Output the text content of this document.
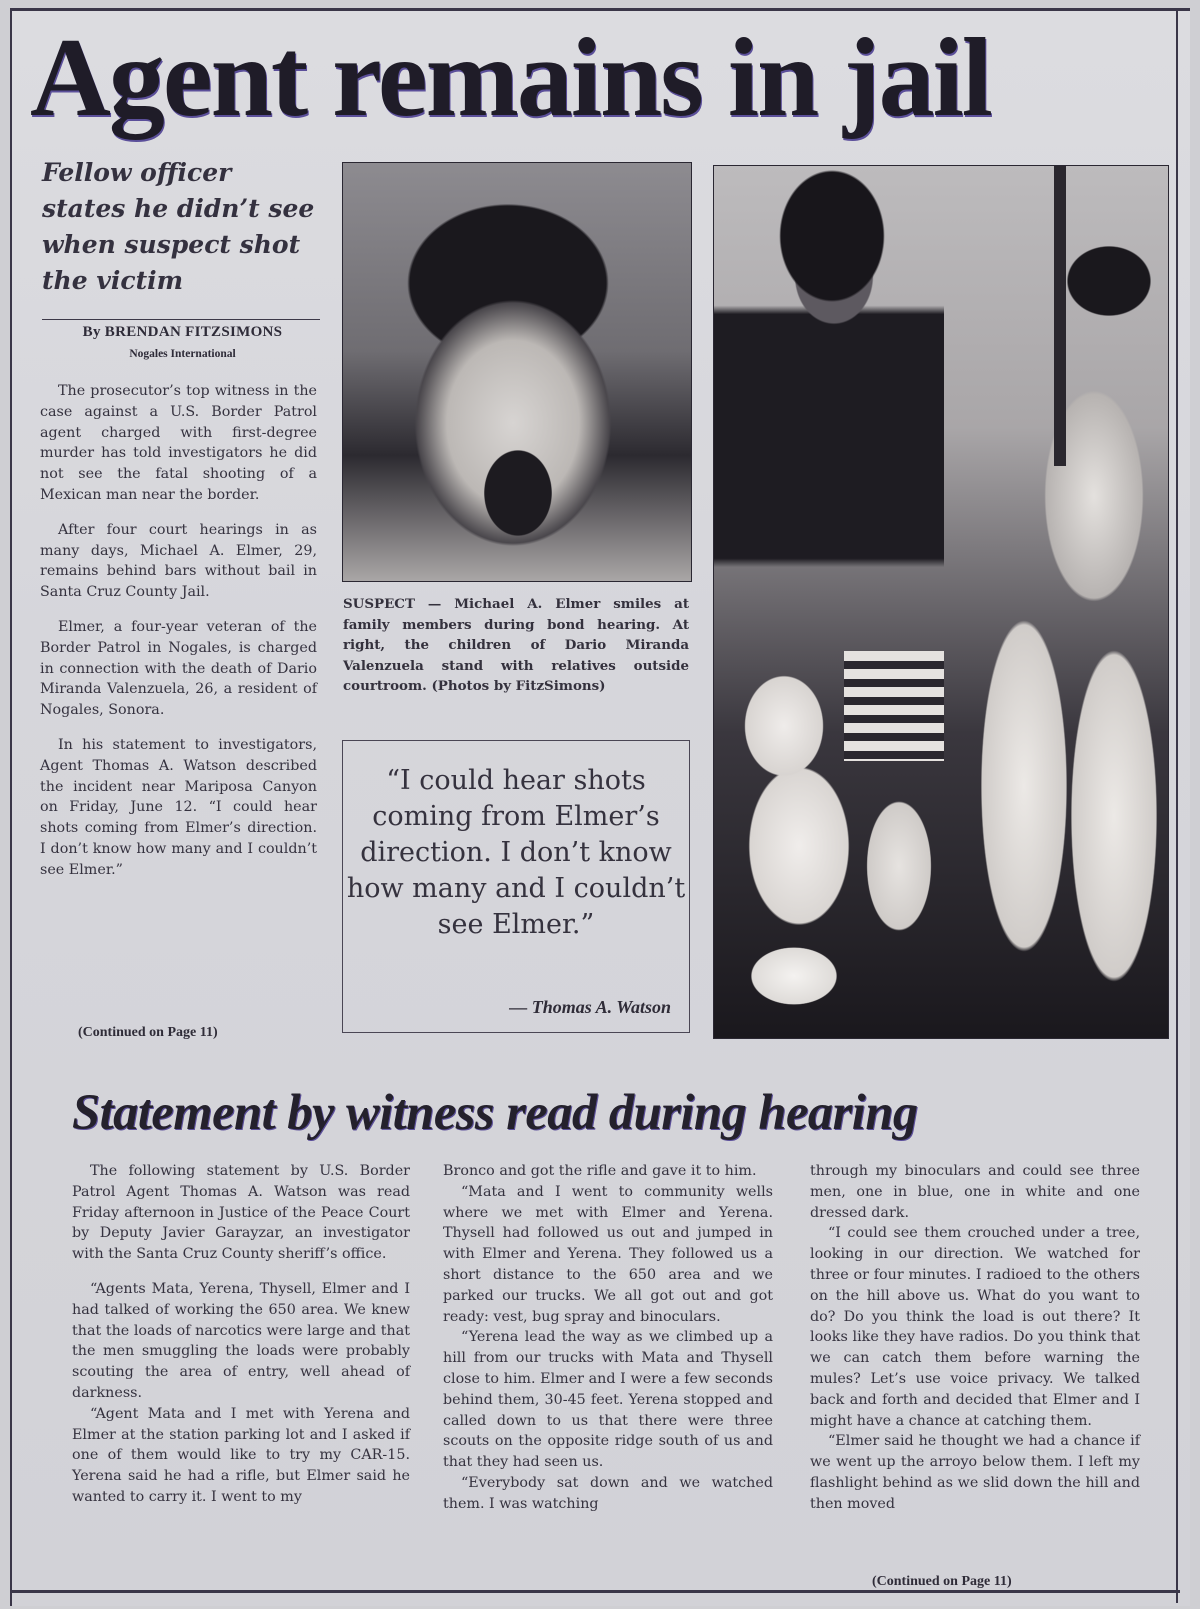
Agent remains in jail
Fellow officer states he didn’t see when suspect shot the victim
By BRENDAN FITZSIMONS
Nogales International

The prosecutor’s top witness in the case against a U.S. Border Patrol agent charged with first-degree murder has told investigators he did not see the fatal shooting of a Mexican man near the border.

After four court hearings in as many days, Michael A. Elmer, 29, remains behind bars without bail in Santa Cruz County Jail.

Elmer, a four-year veteran of the Border Patrol in Nogales, is charged in connection with the death of Dario Miranda Valenzuela, 26, a resident of Nogales, Sonora.

In his statement to investigators, Agent Thomas A. Watson described the incident near Mariposa Canyon on Friday, June 12. “I could hear shots coming from Elmer’s direction. I don’t know how many and I couldn’t see Elmer.”

(Continued on Page 11)

SUSPECT — Michael A. Elmer smiles at family members during bond hearing. At right, the children of Dario Miranda Valenzuela stand with relatives outside courtroom. (Photos by FitzSimons)

“I could hear shots coming from Elmer’s direction. I don’t know how many and I couldn’t see Elmer.”

— Thomas A. Watson
Statement by witness read during hearing

The following statement by U.S. Border Patrol Agent Thomas A. Watson was read Friday afternoon in Justice of the Peace Court by Deputy Javier Garayzar, an investigator with the Santa Cruz County sheriff’s office.

“Agents Mata, Yerena, Thysell, Elmer and I had talked of working the 650 area. We knew that the loads of narcotics were large and that the men smuggling the loads were probably scouting the area of entry, well ahead of darkness.

“Agent Mata and I met with Yerena and Elmer at the station parking lot and I asked if one of them would like to try my CAR-15. Yerena said he had a rifle, but Elmer said he wanted to carry it. I went to my

Bronco and got the rifle and gave it to him.

“Mata and I went to community wells where we met with Elmer and Yerena. Thysell had followed us out and jumped in with Elmer and Yerena. They followed us a short distance to the 650 area and we parked our trucks. We all got out and got ready: vest, bug spray and binoculars.

“Yerena lead the way as we climbed up a hill from our trucks with Mata and Thysell close to him. Elmer and I were a few seconds behind them, 30-45 feet. Yerena stopped and called down to us that there were three scouts on the opposite ridge south of us and that they had seen us.

“Everybody sat down and we watched them. I was watching

through my binoculars and could see three men, one in blue, one in white and one dressed dark.

“I could see them crouched under a tree, looking in our direction. We watched for three or four minutes. I radioed to the others on the hill above us. What do you want to do? Do you think the load is out there? It looks like they have radios. Do you think that we can catch them before warning the mules? Let’s use voice privacy. We talked back and forth and decided that Elmer and I might have a chance at catching them.

“Elmer said he thought we had a chance if we went up the arroyo below them. I left my flashlight behind as we slid down the hill and then moved

(Continued on Page 11)
